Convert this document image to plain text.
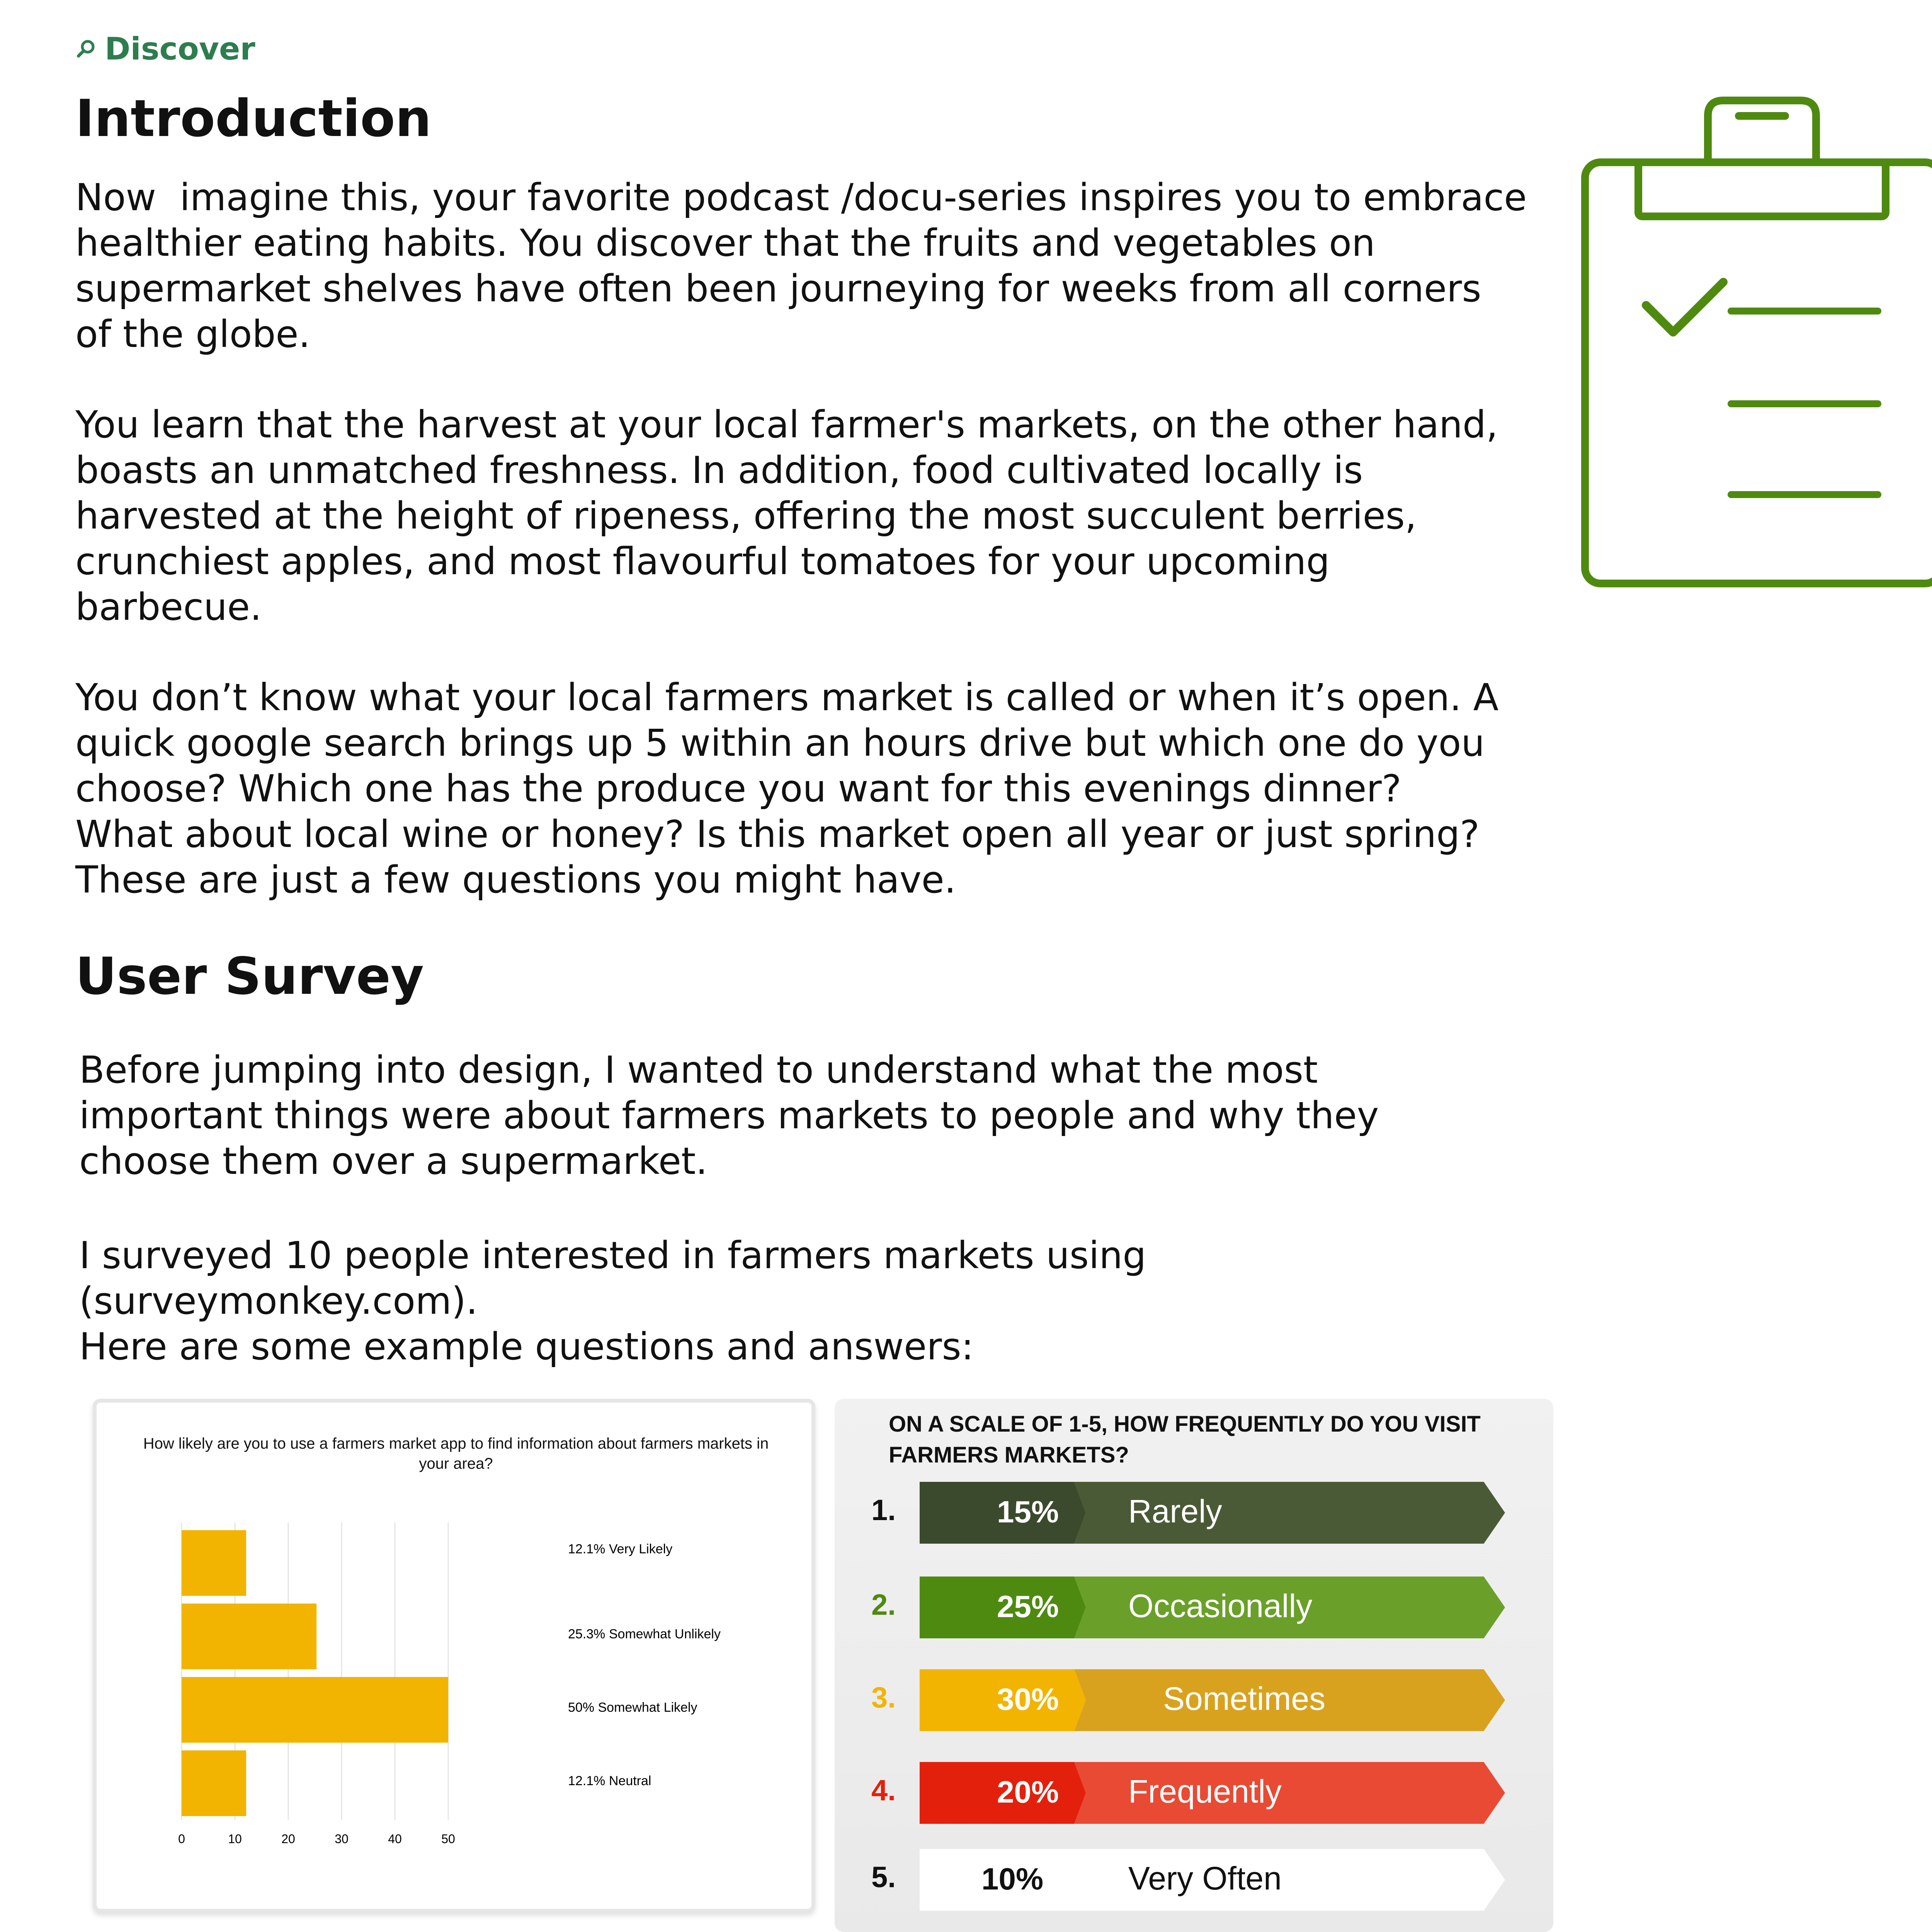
Discover
Introduction
Now  imagine this, your favorite podcast /docu-series inspires you to embrace
healthier eating habits. You discover that the fruits and vegetables on
supermarket shelves have often been journeying for weeks from all corners
of the globe.
You learn that the harvest at your local farmer's markets, on the other hand,
boasts an unmatched freshness. In addition, food cultivated locally is
harvested at the height of ripeness, offering the most succulent berries,
crunchiest apples, and most flavourful tomatoes for your upcoming
barbecue.
You don’t know what your local farmers market is called or when it’s open. A
quick google search brings up 5 within an hours drive but which one do you
choose? Which one has the produce you want for this evenings dinner?
What about local wine or honey? Is this market open all year or just spring?
These are just a few questions you might have.
User Survey
Before jumping into design, I wanted to understand what the most
important things were about farmers markets to people and why they
choose them over a supermarket.
I surveyed 10 people interested in farmers markets using
(surveymonkey.com).
Here are some example questions and answers:
How likely are you to use a farmers market app to find information about farmers markets in your area?
0	10	20	30	40	50
12.1% Very Likely
25.3% Somewhat Unlikely
50% Somewhat Likely
12.1% Neutral
ON A SCALE OF 1-5, HOW FREQUENTLY DO YOU VISIT FARMERS MARKETS?
1.	15% Rarely
2.	25% Occasionally
3.	30%	Sometimes
4.	20% Frequently
5.	10%	Very Often
